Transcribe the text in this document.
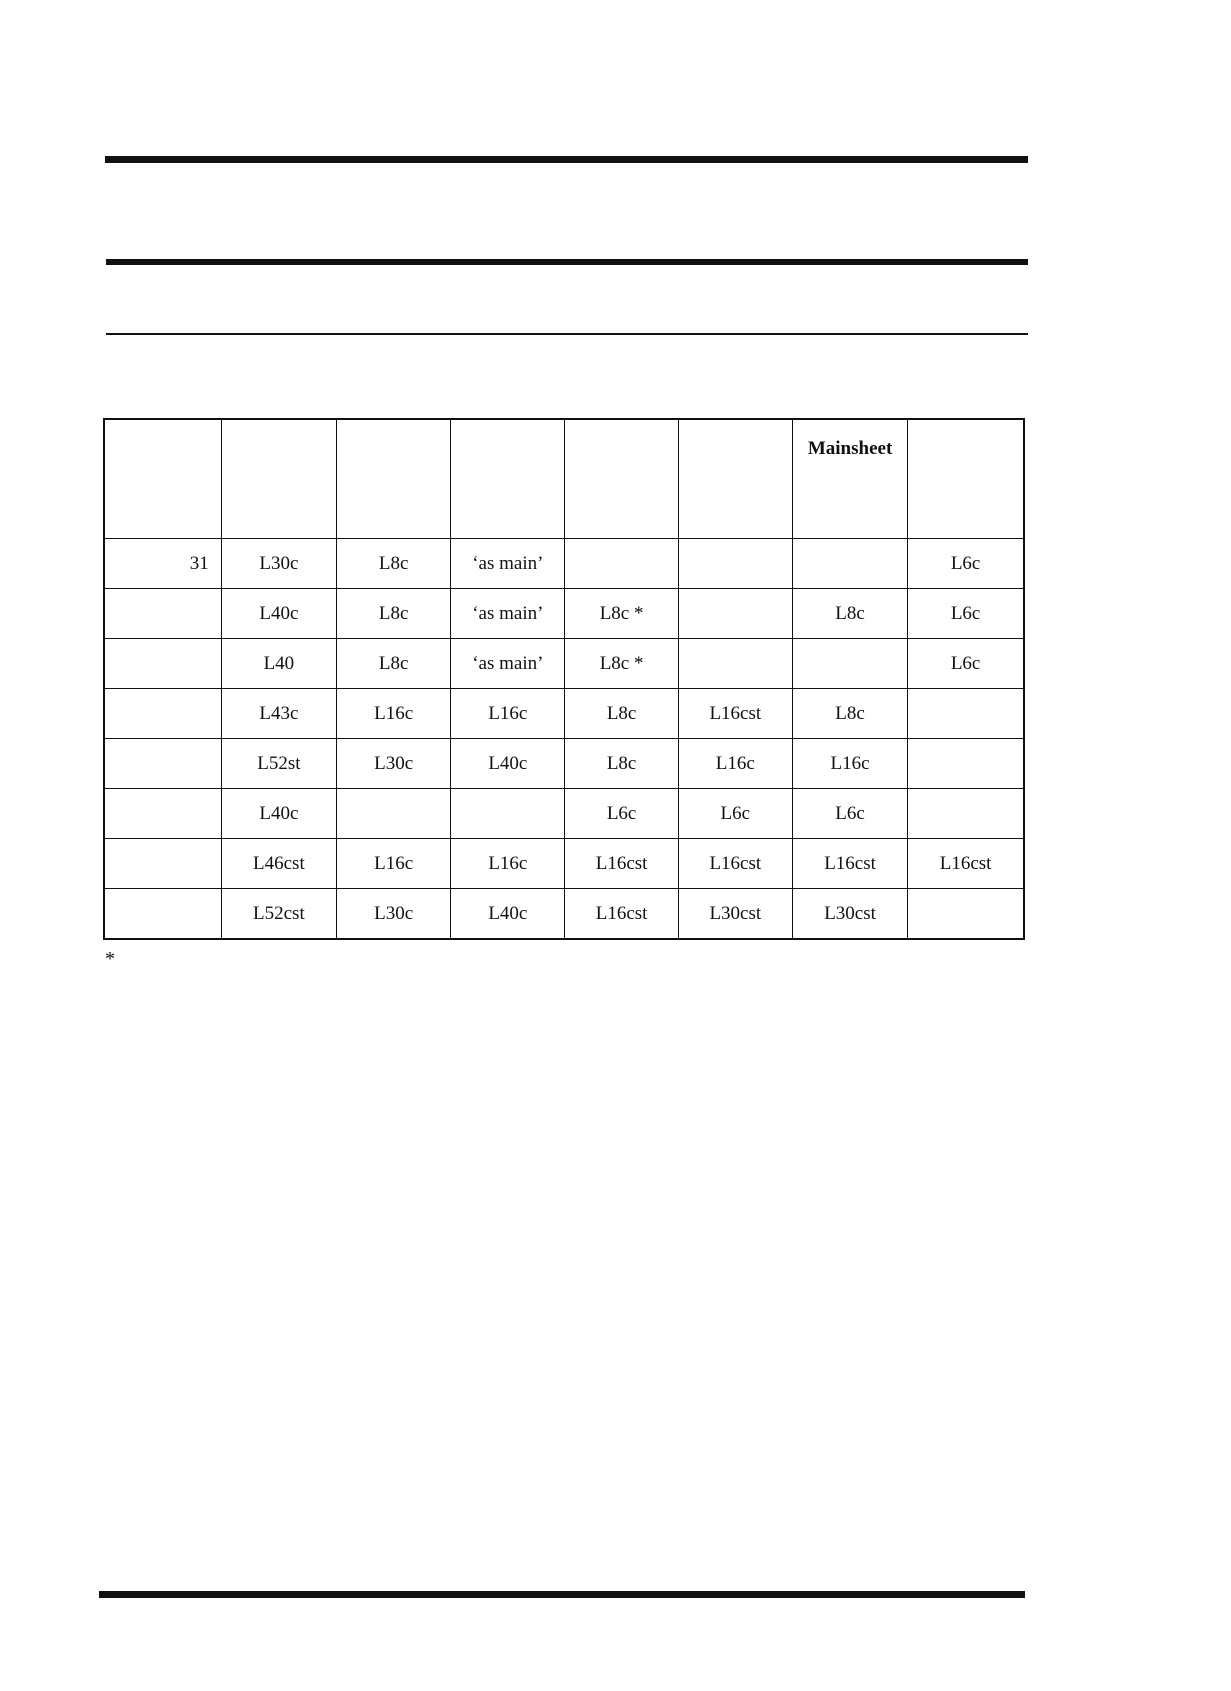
						Mainsheet	
31	L30c	L8c	‘as main’				L6c
	L40c	L8c	‘as main’	L8c *		L8c	L6c
	L40	L8c	‘as main’	L8c *			L6c
	L43c	L16c	L16c	L8c	L16cst	L8c	
	L52st	L30c	L40c	L8c	L16c	L16c	
	L40c			L6c	L6c	L6c	
	L46cst	L16c	L16c	L16cst	L16cst	L16cst	L16cst
	L52cst	L30c	L40c	L16cst	L30cst	L30cst	
*
